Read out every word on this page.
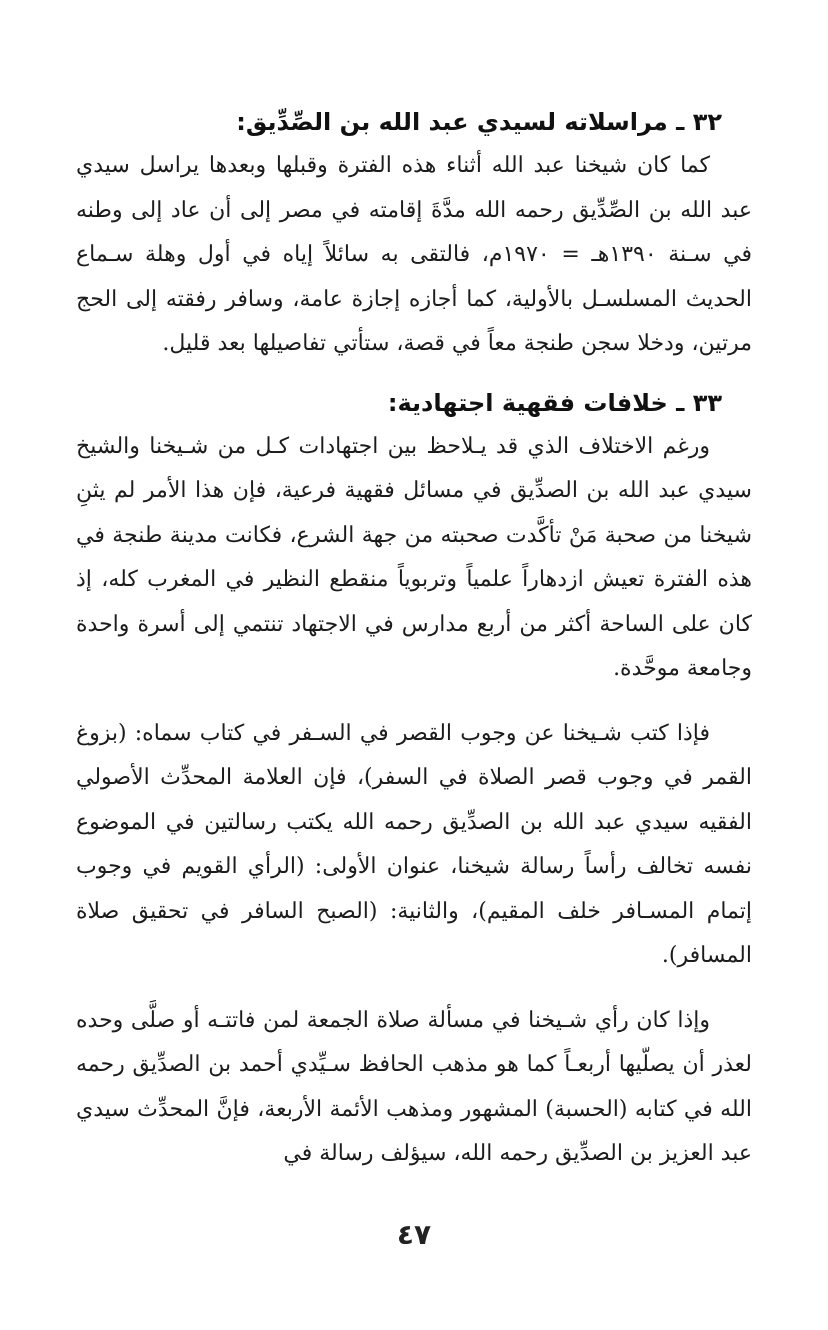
٣٢ ـ مراسلاته لسيدي عبد الله بن الصِّدِّيق:

كما كان شيخنا عبد الله أثناء هذه الفترة وقبلها وبعدها يراسل سيدي عبد الله بن الصِّدِّيق رحمه الله مدَّةَ إقامته في مصر إلى أن عاد إلى وطنه في سـنة ١٣٩٠هـ = ١٩٧٠م، فالتقى به سائلاً إياه في أول وهلة سـماع الحديث المسلسـل بالأولية، كما أجازه إجازة عامة، وسافر رفقته إلى الحج مرتين، ودخلا سجن طنجة معاً في قصة، ستأتي تفاصيلها بعد قليل.

٣٣ ـ خلافات فقهية اجتهادية:

ورغم الاختلاف الذي قد يـلاحظ بين اجتهادات كـل من شـيخنا والشيخ سيدي عبد الله بن الصدِّيق في مسائل فقهية فرعية، فإن هذا الأمر لم يثنِ شيخنا من صحبة مَنْ تأكَّدت صحبته من جهة الشرع، فكانت مدينة طنجة في هذه الفترة تعيش ازدهاراً علمياً وتربوياً منقطع النظير في المغرب كله، إذ كان على الساحة أكثر من أربع مدارس في الاجتهاد تنتمي إلى أسرة واحدة وجامعة موحَّدة.

فإذا كتب شـيخنا عن وجوب القصر في السـفر في كتاب سماه: (بزوغ القمر في وجوب قصر الصلاة في السفر)، فإن العلامة المحدِّث الأصولي الفقيه سيدي عبد الله بن الصدِّيق رحمه الله يكتب رسالتين في الموضوع نفسه تخالف رأساً رسالة شيخنا، عنوان الأولى: (الرأي القويم في وجوب إتمام المسـافر خلف المقيم)، والثانية: (الصبح السافر في تحقيق صلاة المسافر).

وإذا كان رأي شـيخنا في مسألة صلاة الجمعة لمن فاتتـه أو صلَّى وحده لعذر أن يصلّيها أربعـاً كما هو مذهب الحافظ سـيِّدي أحمد بن الصدِّيق رحمه الله في كتابه (الحسبة) المشهور ومذهب الأئمة الأربعة، فإنَّ المحدِّث سيدي عبد العزيز بن الصدِّيق رحمه الله، سيؤلف رسالة في

٤٧
